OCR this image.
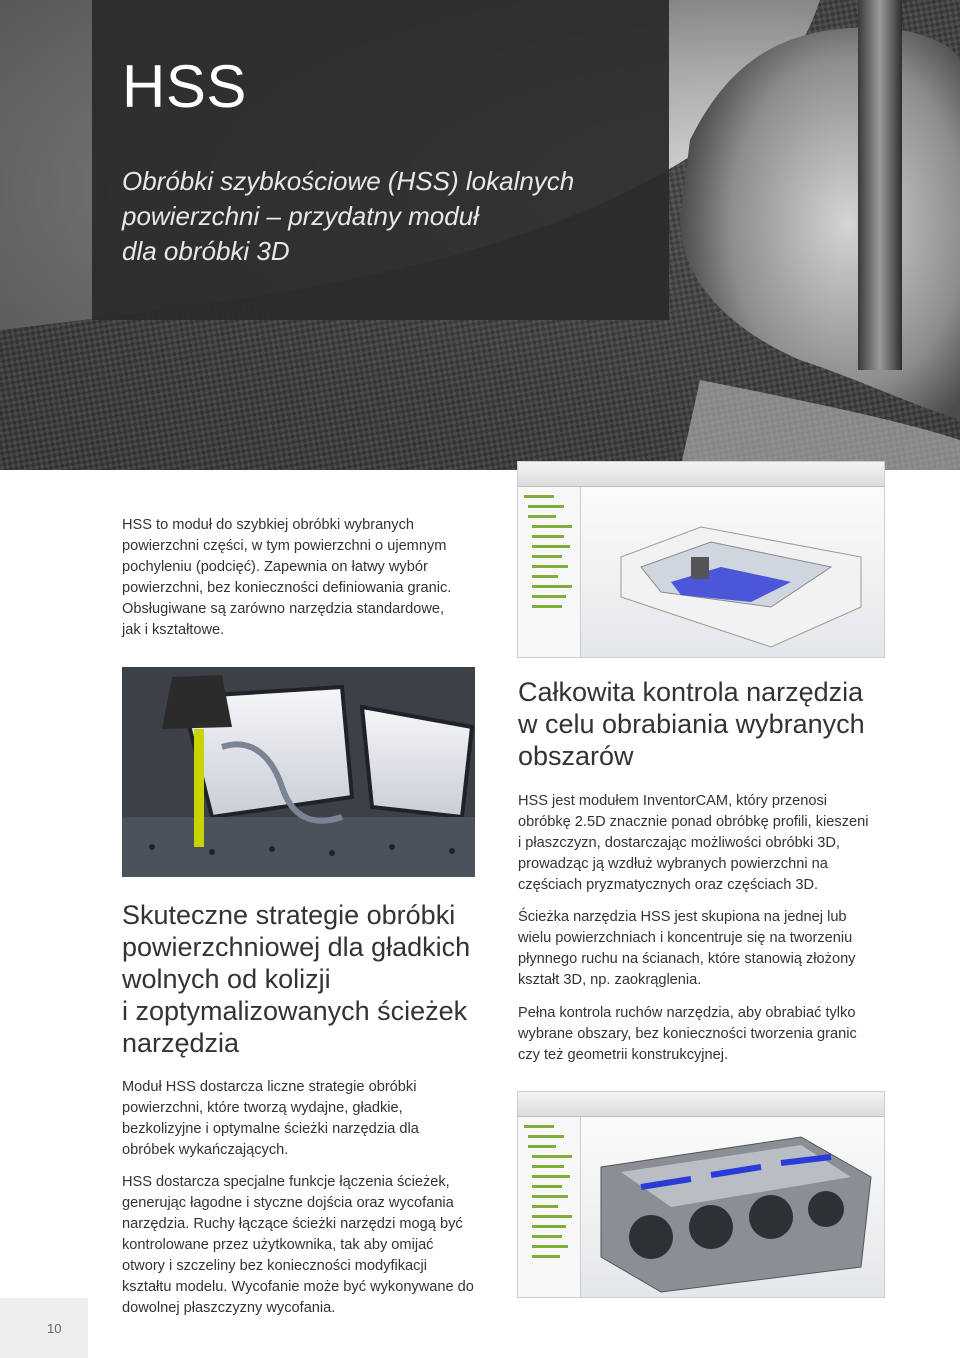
HSS
Obróbki szybkościowe (HSS) lokalnych
powierzchni – przydatny moduł
dla obróbki 3D
HSS to moduł do szybkiej obróbki wybranych
powierzchni części, w tym powierzchni o ujemnym
pochyleniu (podcięć). Zapewnia on łatwy wybór
powierzchni, bez konieczności definiowania granic.
Obsługiwane są zarówno narzędzia standardowe,
jak i kształtowe.
Całkowita kontrola narzędzia
w celu obrabiania wybranych
obszarów
HSS jest modułem InventorCAM, który przenosi
obróbkę 2.5D znacznie ponad obróbkę profili, kieszeni
i płaszczyzn, dostarczając możliwości obróbki 3D,
prowadząc ją wzdłuż wybranych powierzchni na
częściach pryzmatycznych oraz częściach 3D.
Ścieżka narzędzia HSS jest skupiona na jednej lub
wielu powierzchniach i koncentruje się na tworzeniu
płynnego ruchu na ścianach, które stanowią złożony
kształt 3D, np. zaokrąglenia.
Pełna kontrola ruchów narzędzia, aby obrabiać tylko
wybrane obszary, bez konieczności tworzenia granic
czy też geometrii konstrukcyjnej.
Skuteczne strategie obróbki
powierzchniowej dla gładkich
wolnych od kolizji
i zoptymalizowanych ścieżek
narzędzia
Moduł HSS dostarcza liczne strategie obróbki
powierzchni, które tworzą wydajne, gładkie,
bezkolizyjne i optymalne ścieżki narzędzia dla
obróbek wykańczających.
HSS dostarcza specjalne funkcje łączenia ścieżek,
generując łagodne i styczne dojścia oraz wycofania
narzędzia. Ruchy łączące ścieżki narzędzi mogą być
kontrolowane przez użytkownika, tak aby omijać
otwory i szczeliny bez konieczności modyfikacji
kształtu modelu. Wycofanie może być wykonywane do
dowolnej płaszczyzny wycofania.
10
